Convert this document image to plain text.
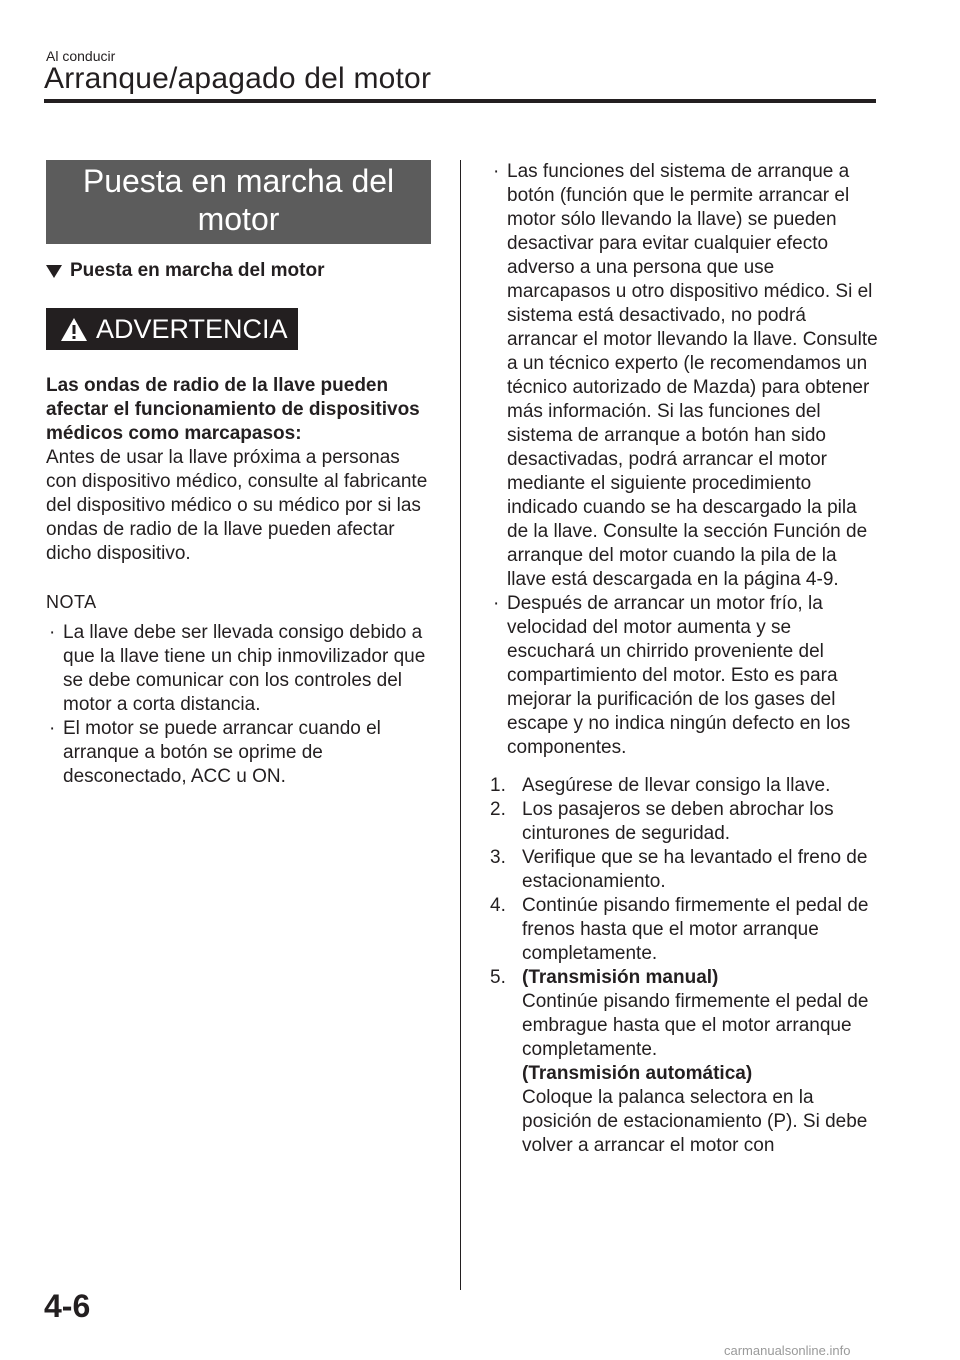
Al conducir
Arranque/apagado del motor
Puesta en marcha del motor
Puesta en marcha del motor
ADVERTENCIA
Las ondas de radio de la llave pueden afectar el funcionamiento de dispositivos médicos como marcapasos:
Antes de usar la llave próxima a personas con dispositivo médico, consulte al fabricante del dispositivo médico o su médico por si las ondas de radio de la llave pueden afectar dicho dispositivo.
NOTA
· La llave debe ser llevada consigo debido a que la llave tiene un chip inmovilizador que se debe comunicar con los controles del motor a corta distancia.
· El motor se puede arrancar cuando el arranque a botón se oprime de desconectado, ACC u ON.
· Las funciones del sistema de arranque a botón (función que le permite arrancar el motor sólo llevando la llave) se pueden desactivar para evitar cualquier efecto adverso a una persona que use marcapasos u otro dispositivo médico. Si el sistema está desactivado, no podrá arrancar el motor llevando la llave. Consulte a un técnico experto (le recomendamos un técnico autorizado de Mazda) para obtener más información. Si las funciones del sistema de arranque a botón han sido desactivadas, podrá arrancar el motor mediante el siguiente procedimiento indicado cuando se ha descargado la pila de la llave. Consulte la sección Función de arranque del motor cuando la pila de la llave está descargada en la página 4-9.
· Después de arrancar un motor frío, la velocidad del motor aumenta y se escuchará un chirrido proveniente del compartimiento del motor. Esto es para mejorar la purificación de los gases del escape y no indica ningún defecto en los componentes.
1. Asegúrese de llevar consigo la llave.
2. Los pasajeros se deben abrochar los cinturones de seguridad.
3. Verifique que se ha levantado el freno de estacionamiento.
4. Continúe pisando firmemente el pedal de frenos hasta que el motor arranque completamente.
5. (Transmisión manual)
Continúe pisando firmemente el pedal de embrague hasta que el motor arranque completamente.
(Transmisión automática)
Coloque la palanca selectora en la posición de estacionamiento (P). Si debe volver a arrancar el motor con
4-6
carmanualsonline.info
